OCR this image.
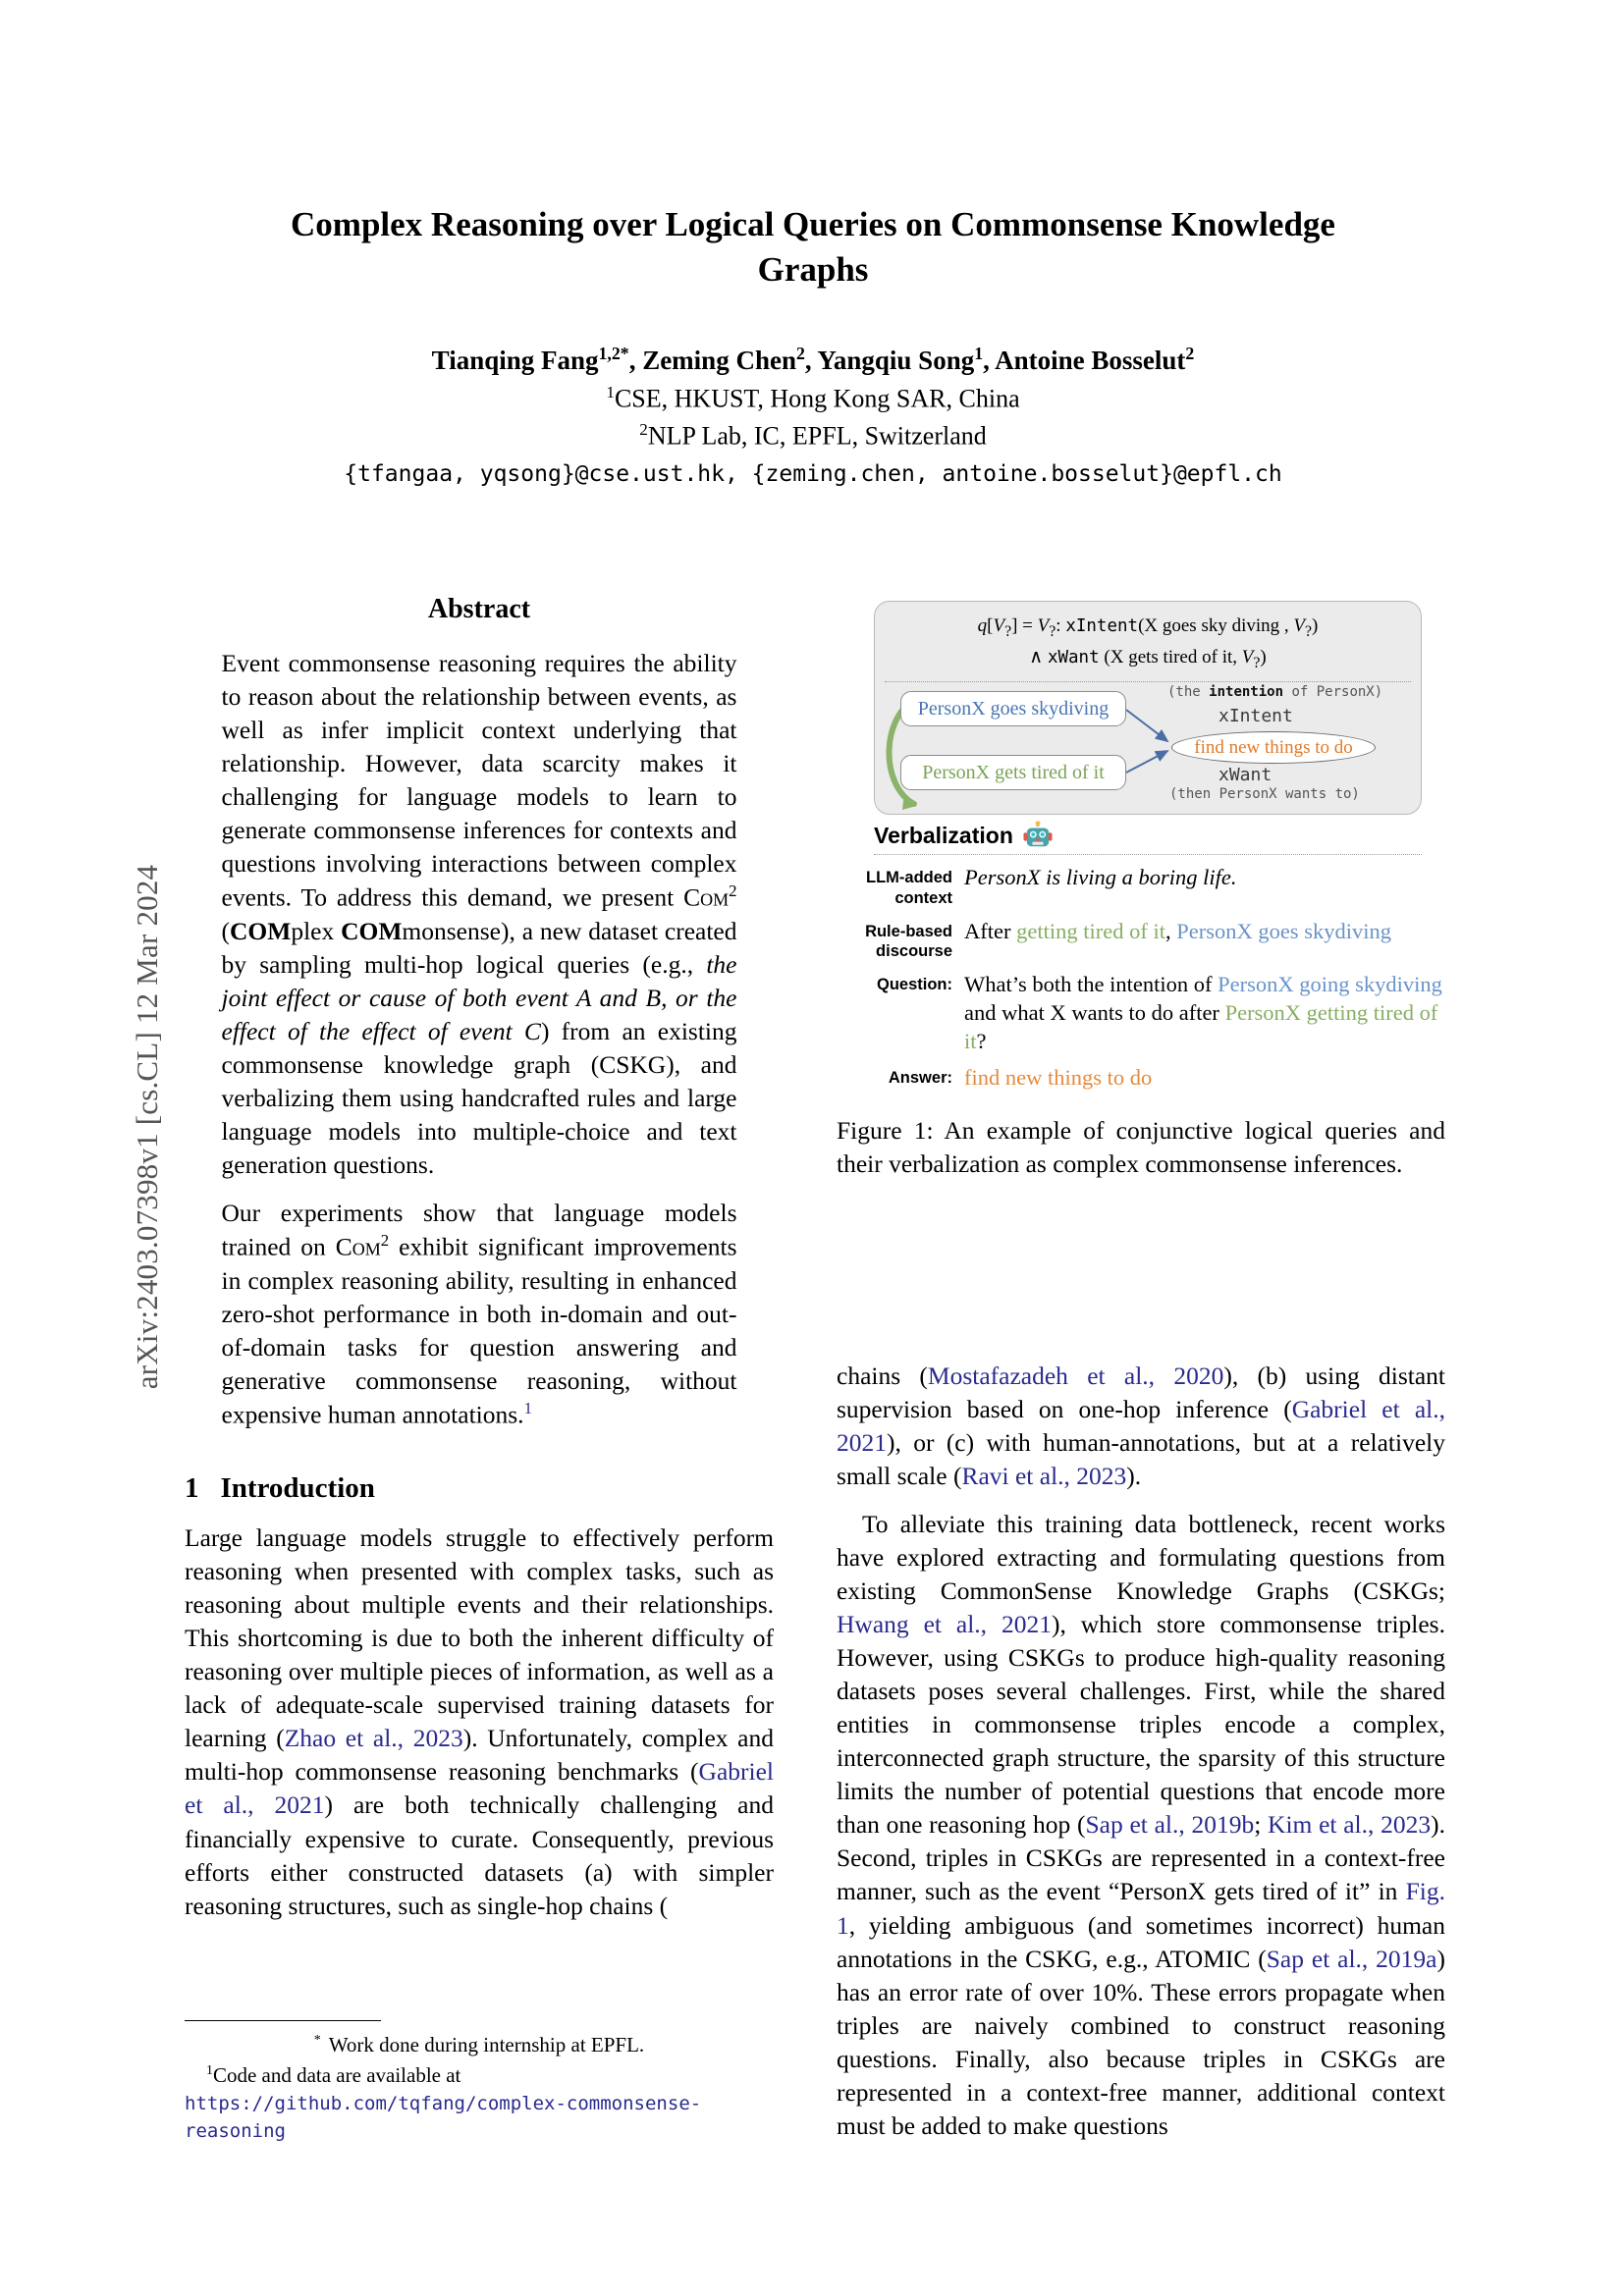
arXiv:2403.07398v1 [cs.CL] 12 Mar 2024
Complex Reasoning over Logical Queries on Commonsense Knowledge
Graphs
Tianqing Fang$^{1,2*}$, Zeming Chen$^2$, Yangqiu Song$^1$, Antoine Bosselut$^2$
$^1$CSE, HKUST, Hong Kong SAR, China
$^2$NLP Lab, IC, EPFL, Switzerland
{tfangaa, yqsong}@cse.ust.hk, {zeming.chen, antoine.bosselut}@epfl.ch
Abstract

Event commonsense reasoning requires the ability to reason about the relationship between events, as well as infer implicit context underlying that relationship. However, data scarcity makes it challenging for language models to learn to generate commonsense inferences for contexts and questions involving interactions between complex events. To address this demand, we present Com$^2$ (COMplex COMmonsense), a new dataset created by sampling multi-hop logical queries (e.g., the joint effect or cause of both event A and B, or the effect of the effect of event C) from an existing commonsense knowledge graph (CSKG), and verbalizing them using handcrafted rules and large language models into multiple-choice and text generation questions.

Our experiments show that language models trained on Com$^2$ exhibit significant improvements in complex reasoning ability, resulting in enhanced zero-shot performance in both in-domain and out-of-domain tasks for question answering and generative commonsense reasoning, without expensive human annotations.$^1$

1 Introduction

Large language models struggle to effectively perform reasoning when presented with complex tasks, such as reasoning about multiple events and their relationships. This shortcoming is due to both the inherent difficulty of reasoning over multiple pieces of information, as well as a lack of adequate-scale supervised training datasets for learning (Zhao et al., 2023). Unfortunately, complex and multi-hop commonsense reasoning benchmarks (Gabriel et al., 2021) are both technically challenging and financially expensive to curate. Consequently, previous efforts either constructed datasets (a) with simpler reasoning structures, such as single-hop chains (

* Work done during internship at EPFL.

$^1$Code and data are available at https://github.com/tqfang/complex-commonsense-reasoning

$q[V_?] = V_?$: xIntent(X goes sky diving , $V_?$)
∧ xWant (X gets tired of it, $V_?$)
PersonX goes skydiving
PersonX gets tired of it
(the intention of PersonX)
xIntent
find new things to do
xWant
(then PersonX wants to)
Verbalization
LLM-added context
PersonX is living a boring life.
Rule-based discourse
After getting tired of it, PersonX goes skydiving
Question: What’s both the intention of PersonX going skydiving and what X wants to do after PersonX getting tired of it?
Answer: find new things to do
Figure 1: An example of conjunctive logical queries and their verbalization as complex commonsense inferences.

chains (Mostafazadeh et al., 2020), (b) using distant supervision based on one-hop inference (Gabriel et al., 2021), or (c) with human-annotations, but at a relatively small scale (Ravi et al., 2023).

To alleviate this training data bottleneck, recent works have explored extracting and formulating questions from existing CommonSense Knowledge Graphs (CSKGs; Hwang et al., 2021), which store commonsense triples. However, using CSKGs to produce high-quality reasoning datasets poses several challenges. First, while the shared entities in commonsense triples encode a complex, interconnected graph structure, the sparsity of this structure limits the number of potential questions that encode more than one reasoning hop (Sap et al., 2019b; Kim et al., 2023). Second, triples in CSKGs are represented in a context-free manner, such as the event “PersonX gets tired of it” in Fig. 1, yielding ambiguous (and sometimes incorrect) human annotations in the CSKG, e.g., ATOMIC (Sap et al., 2019a) has an error rate of over 10%. These errors propagate when triples are naively combined to construct reasoning questions. Finally, also because triples in CSKGs are represented in a context-free manner, additional context must be added to make questions
